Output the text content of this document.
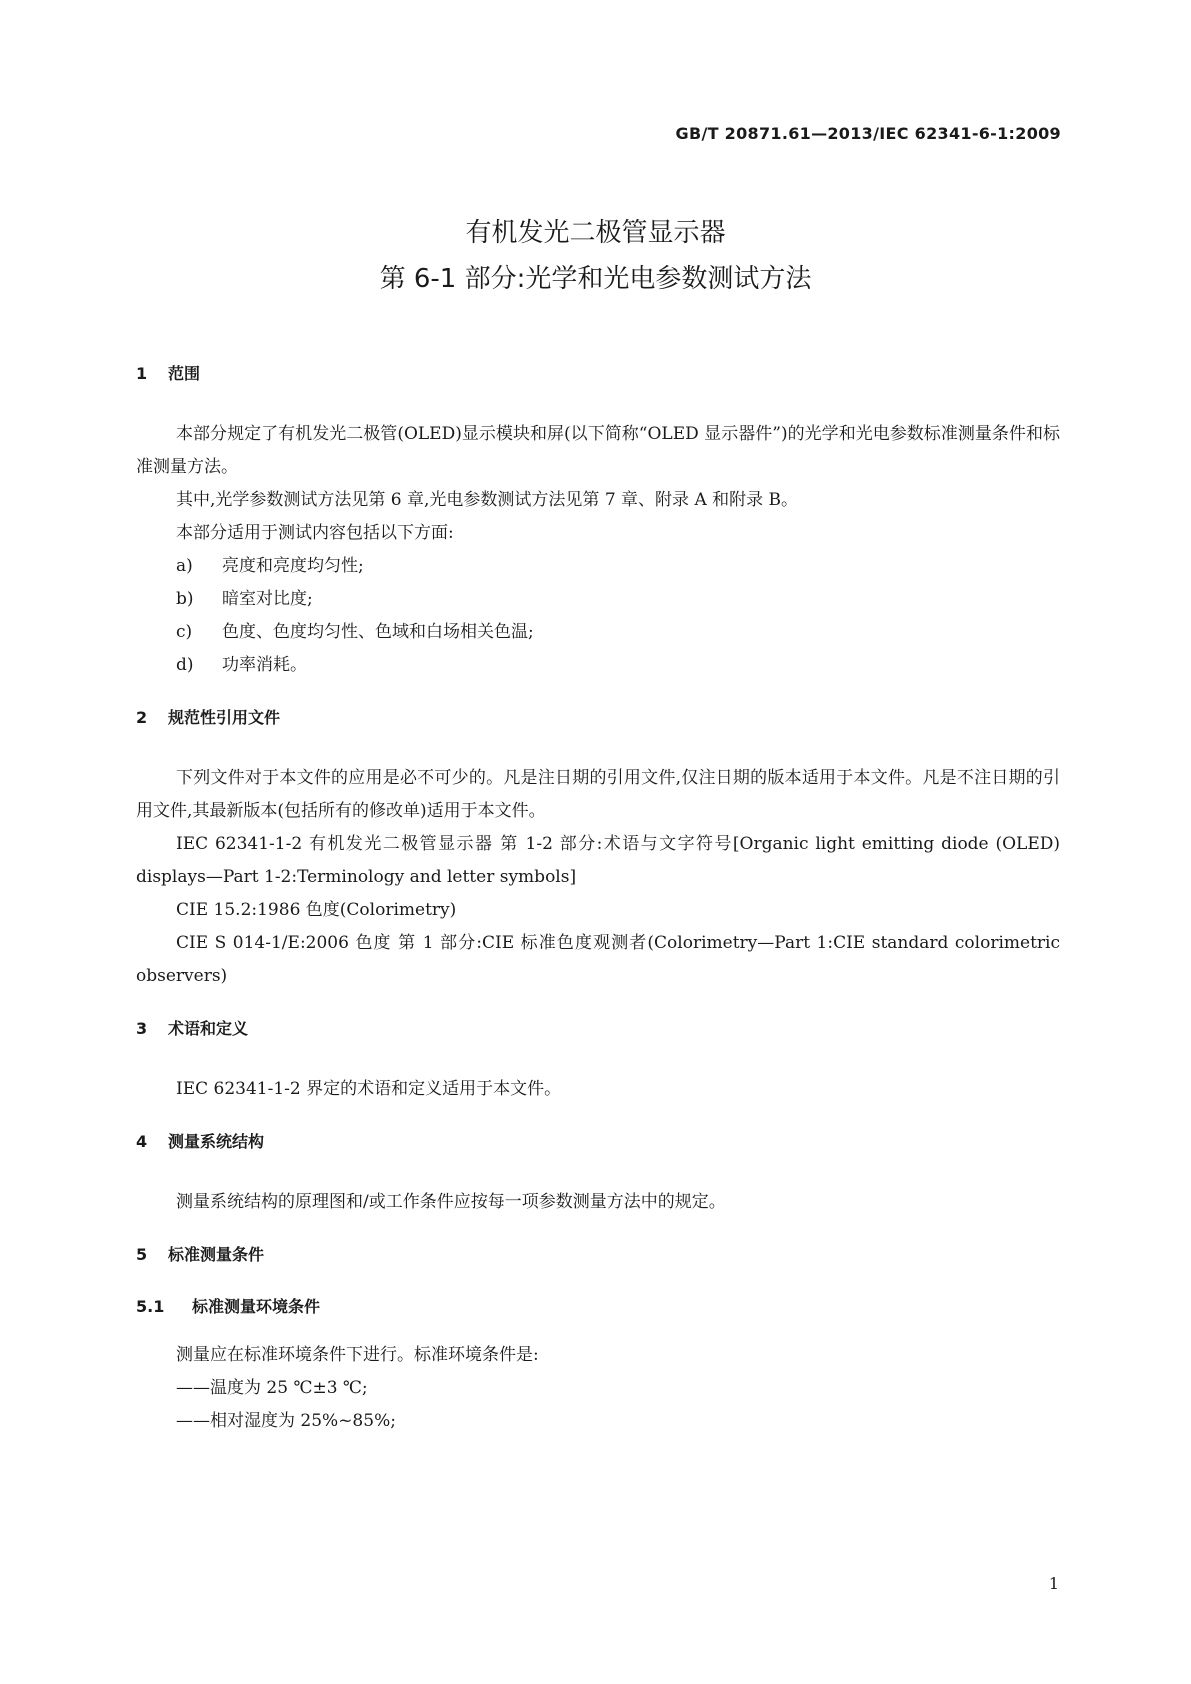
GB/T 20871.61—2013/IEC 62341-6-1:2009
有机发光二极管显示器
第 6-1 部分:光学和光电参数测试方法
1 范围
本部分规定了有机发光二极管(OLED)显示模块和屏(以下简称“OLED 显示器件”)的光学和光电参数标准测量条件和标准测量方法。
其中,光学参数测试方法见第 6 章,光电参数测试方法见第 7 章、附录 A 和附录 B。
本部分适用于测试内容包括以下方面:
a) 亮度和亮度均匀性;
b) 暗室对比度;
c) 色度、色度均匀性、色域和白场相关色温;
d) 功率消耗。
2 规范性引用文件
下列文件对于本文件的应用是必不可少的。凡是注日期的引用文件,仅注日期的版本适用于本文件。凡是不注日期的引用文件,其最新版本(包括所有的修改单)适用于本文件。
IEC 62341-1-2 有机发光二极管显示器 第 1-2 部分:术语与文字符号[Organic light emitting diode (OLED) displays—Part 1-2:Terminology and letter symbols]
CIE 15.2:1986 色度(Colorimetry)
CIE S 014-1/E:2006 色度 第 1 部分:CIE 标准色度观测者(Colorimetry—Part 1:CIE standard colorimetric observers)
3 术语和定义
IEC 62341-1-2 界定的术语和定义适用于本文件。
4 测量系统结构
测量系统结构的原理图和/或工作条件应按每一项参数测量方法中的规定。
5 标准测量条件
5.1 标准测量环境条件
测量应在标准环境条件下进行。标准环境条件是:
——温度为 25 ℃±3 ℃;
——相对湿度为 25%~85%;
1
